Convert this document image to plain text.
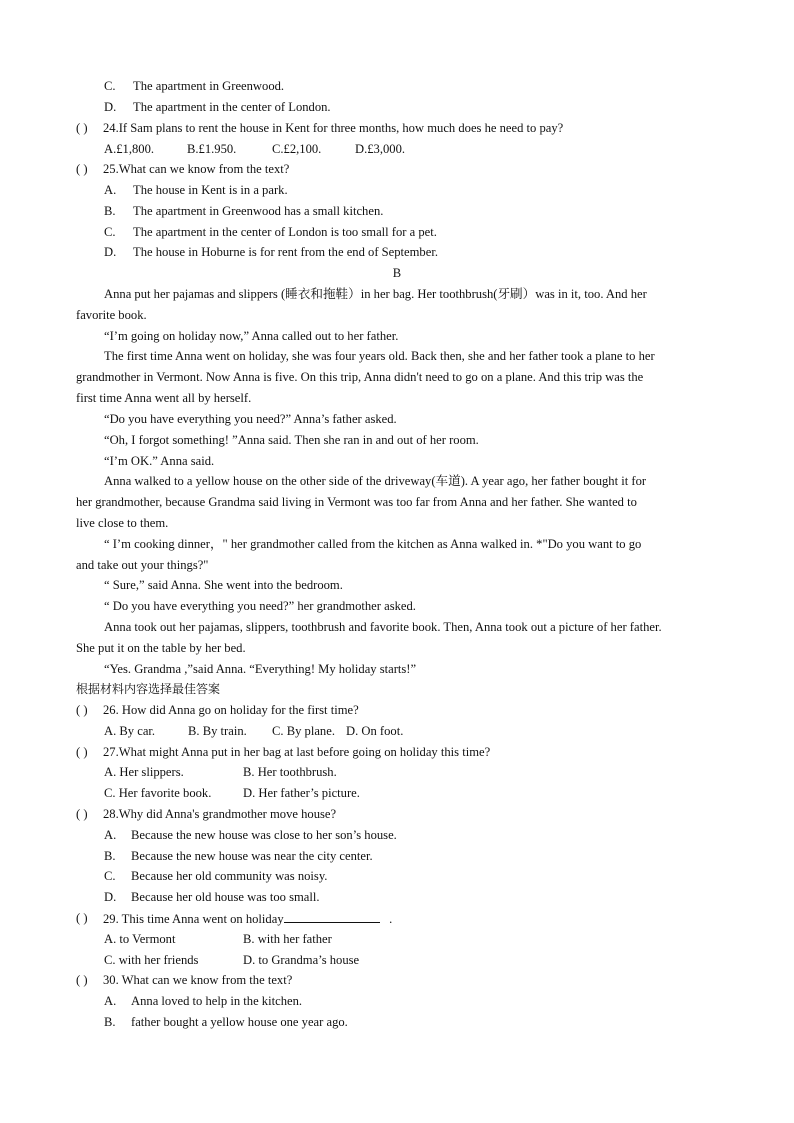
C. The apartment in Greenwood.
D. The apartment in the center of London.
( ) 24.If Sam plans to rent the house in Kent for three months, how much does he need to pay?
A.£1,800.	B.£1.950.	C.£2,100.	D.£3,000.
( ) 25.What can we know from the text?
A. The house in Kent is in a park.
B. The apartment in Greenwood has a small kitchen.
C. The apartment in the center of London is too small for a pet.
D. The house in Hoburne is for rent from the end of September.
B
Anna put her pajamas and slippers (睡衣和拖鞋）in her bag. Her toothbrush(牙刷）was in it, too. And her
favorite book.
“I’m going on holiday now,” Anna called out to her father.
The first time Anna went on holiday, she was four years old. Back then, she and her father took a plane to her
grandmother in Vermont. Now Anna is five. On this trip, Anna didn't need to go on a plane. And this trip was the
first time Anna went all by herself.
“Do you have everything you need?” Anna’s father asked.
“Oh, I forgot something! ”Anna said. Then she ran in and out of her room.
“I’m OK.” Anna said.
Anna walked to a yellow house on the other side of the driveway(车道). A year ago, her father bought it for
her grandmother, because Grandma said living in Vermont was too far from Anna and her father. She wanted to
live close to them.
“ I’m cooking dinner，" her grandmother called from the kitchen as Anna walked in. *"Do you want to go
and take out your things?"
“ Sure,” said Anna. She went into the bedroom.
“ Do you have everything you need?” her grandmother asked.
Anna took out her pajamas, slippers, toothbrush and favorite book. Then, Anna took out a picture of her father.
She put it on the table by her bed.
“Yes. Grandma ,”said Anna. “Everything! My holiday starts!”
根据材料内容选择最佳答案
( ) 26. How did Anna go on holiday for the first time?
A. By car.	B. By train. C. By plane. D. On foot.
( ) 27.What might Anna put in her bag at last before going on holiday this time?
A. Her slippers.	B. Her toothbrush.
C. Her favorite book.	D. Her father’s picture.
( ) 28.Why did Anna's grandmother move house?
A. Because the new house was close to her son’s house.
B. Because the new house was near the city center.
C. Because her old community was noisy.
D. Because her old house was too small.
( ) 29. This time Anna went on holiday	.
A. to Vermont	B. with her father
C. with her friends	D. to Grandma’s house
( ) 30. What can we know from the text?
A. Anna loved to help in the kitchen.
B. father bought a yellow house one year ago.
